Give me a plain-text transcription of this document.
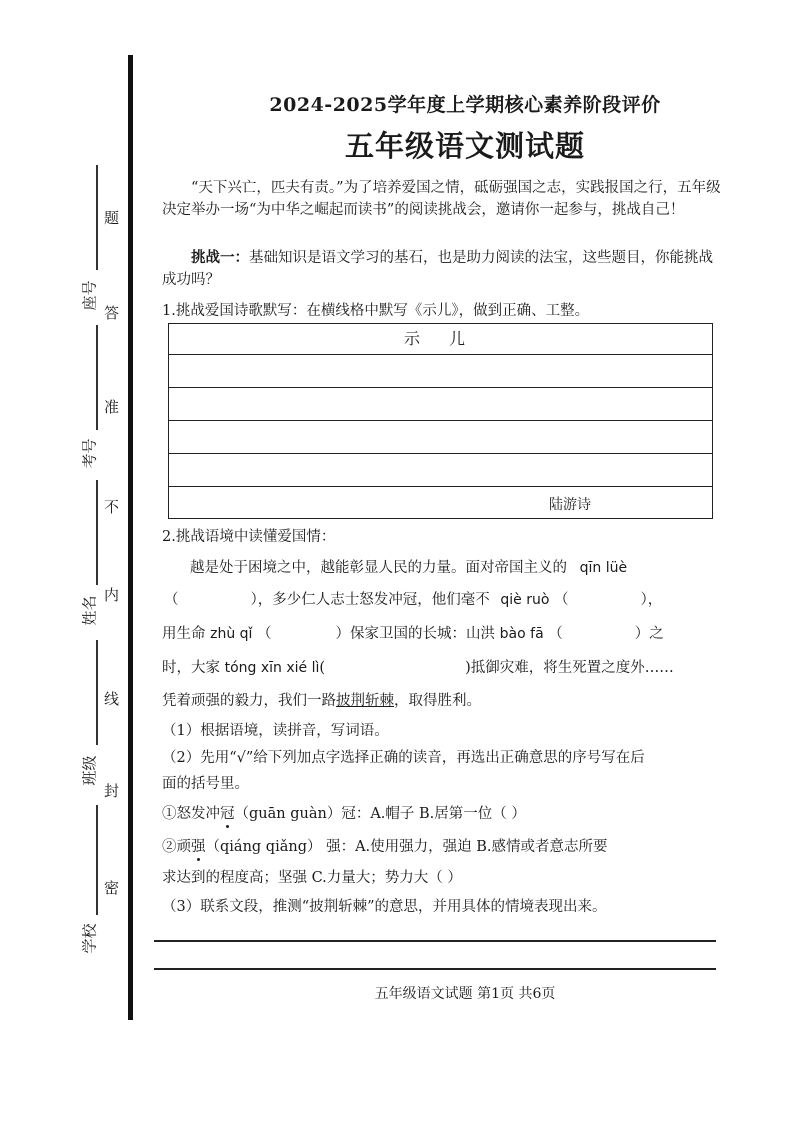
题
答
准
不
内
线
封
密
座号
考号
姓名
班级
学校
2024-2025学年度上学期核心素养阶段评价
五年级语文测试题
“天下兴亡，匹夫有责。”为了培养爱国之情，砥砺强国之志，实践报国之行，五年级决定举办一场“为中华之崛起而读书”的阅读挑战会，邀请你一起参与，挑战自己！
挑战一：基础知识是语文学习的基石，也是助力阅读的法宝，这些题目，你能挑战成功吗？
1.挑战爱国诗歌默写：在横线格中默写《示儿》，做到正确、工整。
示 儿
陆游诗
2.挑战语境中读懂爱国情：
越是处于困境之中，越能彰显人民的力量。面对帝国主义的 qīn lüè
（	），多少仁人志士怒发冲冠，他们毫不 qiè ruò （	），
用生命 zhù qǐ （	）保家卫国的长城：山洪 bào fā （	）之
时，大家 tóng xīn xié lì(	)抵御灾难，将生死置之度外……
凭着顽强的毅力，我们一路披荆斩棘，取得胜利。
（1）根据语境，读拼音，写词语。
（2）先用“√”给下列加点字选择正确的读音，再选出正确意思的序号写在后
面的括号里。
①怒发冲冠（guān guàn）冠：A.帽子 B.居第一位（ ）
②顽强（qiáng qiǎng） 强：A.使用强力，强迫 B.感情或者意志所要
求达到的程度高；坚强 C.力量大；势力大（ ）
（3）联系文段，推测“披荆斩棘”的意思，并用具体的情境表现出来。
五年级语文试题 第1页 共6页
